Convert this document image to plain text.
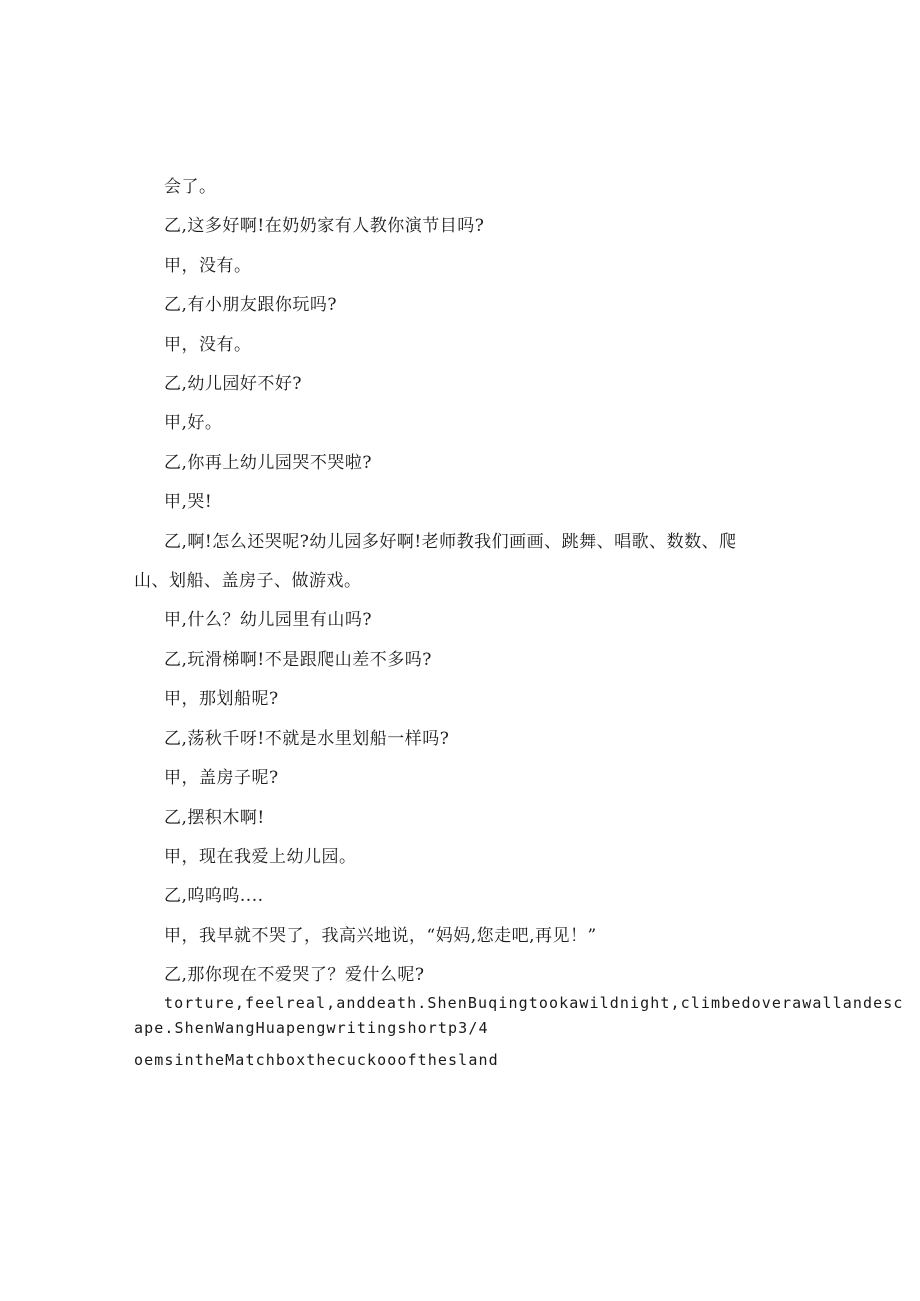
会了。
乙,这多好啊!在奶奶家有人教你演节目吗?
甲，没有。
乙,有小朋友跟你玩吗?
甲，没有。
乙,幼儿园好不好?
甲,好。
乙,你再上幼儿园哭不哭啦?
甲,哭!
乙,啊!怎么还哭呢?幼儿园多好啊!老师教我们画画、跳舞、唱歌、数数、爬
山、划船、盖房子、做游戏。
甲,什么？幼儿园里有山吗?
乙,玩滑梯啊!不是跟爬山差不多吗?
甲，那划船呢?
乙,荡秋千呀!不就是水里划船一样吗?
甲，盖房子呢?
乙,摆积木啊!
甲，现在我爱上幼儿园。
乙,呜呜呜....
甲，我早就不哭了，我高兴地说，“妈妈,您走吧,再见！”
乙,那你现在不爱哭了？爱什么呢?
torture,feelreal,anddeath.ShenBuqingtookawildnight,climbedoverawallandesc
ape.ShenWangHuapengwritingshortp3/4
oemsintheMatchboxthecuckooofthesland
